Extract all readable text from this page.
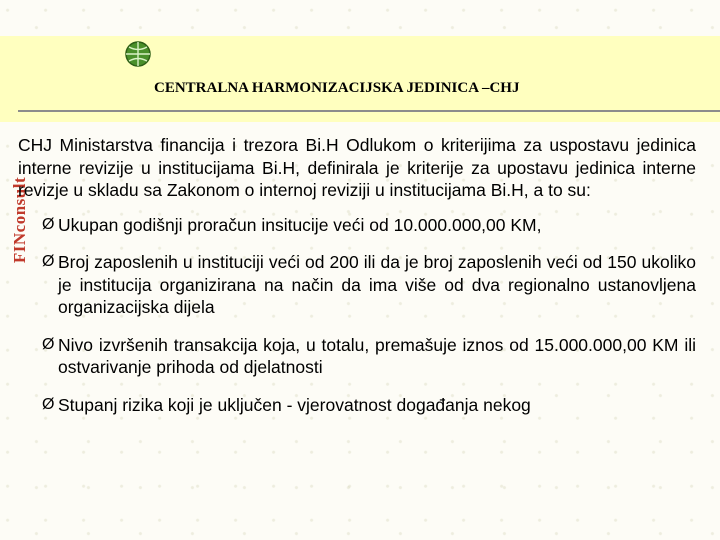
CENTRALNA HARMONIZACIJSKA JEDINICA –CHJ
FINconsult

CHJ Ministarstva financija i trezora Bi.H Odlukom o kriterijima za uspostavu jedinica interne revizije u institucijama Bi.H, definirala je kriterije za upostavu jedinica interne revizje u skladu sa Zakonom o internoj reviziji u institucijama Bi.H, a to su:

Ø Ukupan godišnji proračun insitucije veći od 10.000.000,00 KM,
Ø Broj zaposlenih u instituciji veći od 200 ili da je broj zaposlenih veći od 150 ukoliko je institucija organizirana na način da ima više od dva regionalno ustanovljena organizacijska dijela
Ø Nivo izvršenih transakcija koja, u totalu, premašuje iznos od 15.000.000,00 KM ili ostvarivanje prihoda od djelatnosti
Ø Stupanj rizika koji je uključen - vjerovatnost događanja nekog
